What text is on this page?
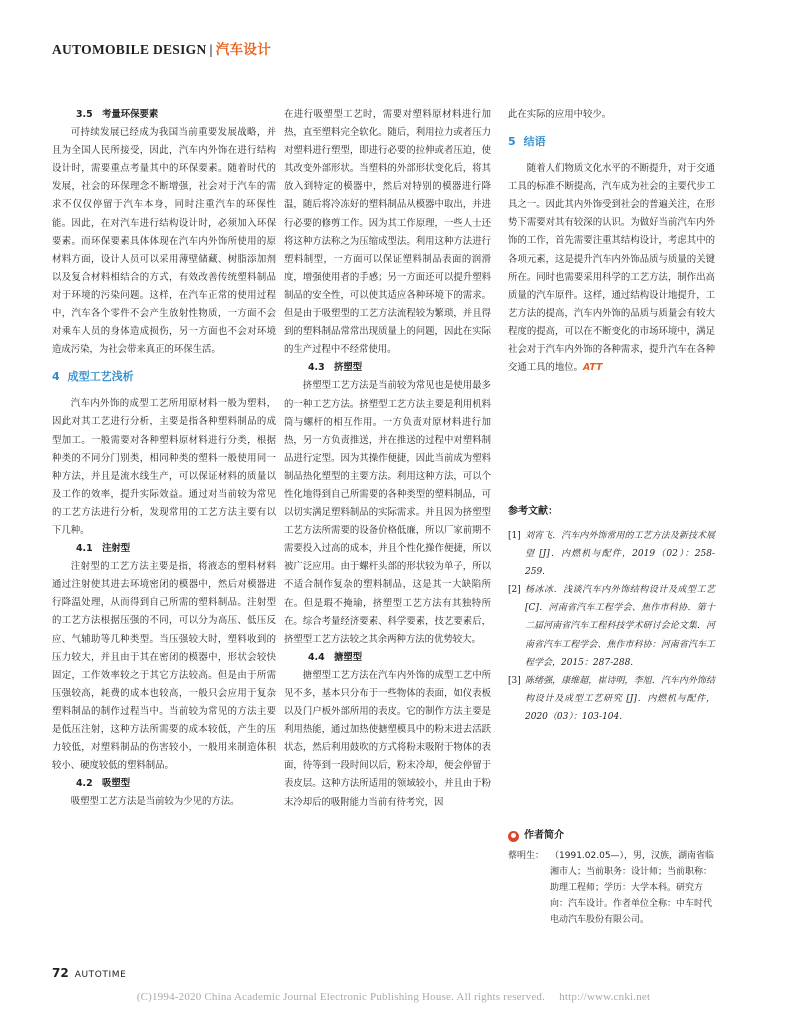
AUTOMOBILE DESIGN | 汽车设计
3.5　考量环保要素

可持续发展已经成为我国当前重要发展战略，并且为全国人民所接受，因此，汽车内外饰在进行结构设计时，需要重点考量其中的环保要素。随着时代的发展，社会的环保理念不断增强，社会对于汽车的需求不仅仅停留于汽车本身，同时注重汽车的环保性能。因此，在对汽车进行结构设计时，必须加入环保要素。而环保要素具体体现在汽车内外饰所使用的原材料方面，设计人员可以采用薄壁储藏、树脂添加剂以及复合材料相结合的方式，有效改善传统塑料制品对于环境的污染问题。这样，在汽车正常的使用过程中，汽车各个零件不会产生放射性物质，一方面不会对乘车人员的身体造成损伤，另一方面也不会对环境造成污染，为社会带来真正的环保生活。

4 成型工艺浅析

汽车内外饰的成型工艺所用原材料一般为塑料，因此对其工艺进行分析，主要是指各种塑料制品的成型加工。一般需要对各种塑料原材料进行分类，根据种类的不同分门别类，相同种类的塑料一般使用同一种方法，并且是流水线生产，可以保证材料的质量以及工作的效率，提升实际效益。通过对当前较为常见的工艺方法进行分析，发现常用的工艺方法主要有以下几种。

4.1　注射型

注射型的工艺方法主要是指，将液态的塑料材料通过注射使其进去环境密闭的模器中，然后对模器进行降温处理，从而得到自己所需的塑料制品。注射型的工艺方法根据压强的不同，可以分为高压、低压反应、气辅助等几种类型。当压强较大时，塑料收到的压力较大，并且由于其在密闭的模器中，形状会较快固定，工作效率较之于其它方法较高。但是由于所需压强较高，耗费的成本也较高，一般只会应用于复杂塑料制品的制作过程当中。当前较为常见的方法主要是低压注射，这种方法所需要的成本较低，产生的压力较低，对塑料制品的伤害较小，一般用来制造体积较小、硬度较低的塑料制品。

4.2　吸塑型

吸塑型工艺方法是当前较为少见的方法。

在进行吸塑型工艺时，需要对塑料原材料进行加热，直至塑料完全软化。随后，利用拉力或者压力对塑料进行塑型，即进行必要的拉伸或者压迫，使其改变外部形状。当塑料的外部形状变化后，将其放入到特定的模器中，然后对特别的模器进行降温，随后将冷冻好的塑料制品从模器中取出，并进行必要的修剪工作。因为其工作原理，一些人士还将这种方法称之为压缩成型法。利用这种方法进行塑料制型，一方面可以保证塑料制品表面的润滑度，增强使用者的手感；另一方面还可以提升塑料制品的安全性，可以使其适应各种环境下的需求。但是由于吸塑型的工艺方法流程较为繁琐，并且得到的塑料制品常常出现质量上的问题，因此在实际的生产过程中不经常使用。

4.3　挤塑型

挤塑型工艺方法是当前较为常见也是使用最多的一种工艺方法。挤塑型工艺方法主要是利用机料筒与螺杆的相互作用。一方负责对原材料进行加热，另一方负责推送，并在推送的过程中对塑料制品进行定型。因为其操作便捷，因此当前成为塑料制品热化塑型的主要方法。利用这种方法，可以个性化地得到自己所需要的各种类型的塑料制品，可以切实满足塑料制品的实际需求。并且因为挤塑型工艺方法所需要的设备价格低廉，所以厂家前期不需要投入过高的成本，并且个性化操作便捷，所以被广泛应用。由于螺杆头部的形状较为单子，所以不适合制作复杂的塑料制品，这是其一大缺陷所在。但是瑕不掩瑜，挤塑型工艺方法有其独特所在。综合考量经济要素、科学要素，技艺要素后，挤塑型工艺方法较之其余两种方法的优势较大。

4.4　搪塑型

搪塑型工艺方法在汽车内外饰的成型工艺中所见不多，基本只分布于一些物体的表面，如仪表板以及门户板外部所用的表皮。它的制作方法主要是利用热能，通过加热使搪塑模具中的粉末进去活跃状态，然后利用鼓吹的方式将粉末吸附于物体的表面，待等到一段时间以后，粉末冷却，便会停留于表皮层。这种方法所适用的领域较小，并且由于粉末冷却后的吸附能力当前有待考究，因

此在实际的应用中较少。

5 结语

随着人们物质文化水平的不断提升，对于交通工具的标准不断提高，汽车成为社会的主要代步工具之一。因此其内外饰受到社会的普遍关注，在形势下需要对其有较深的认识。为做好当前汽车内外饰的工作，首先需要注重其结构设计，考虑其中的各项元素，这是提升汽车内外饰品质与质量的关键所在。同时也需要采用科学的工艺方法，制作出高质量的汽车原件。这样，通过结构设计地提升，工艺方法的提高，汽车内外饰的品质与质量会有较大程度的提高，可以在不断变化的市场环境中，满足社会对于汽车内外饰的各种需求，提升汽车在各种交通工具的地位。ATT

参考文献：
[1] 刘宵飞．汽车内外饰常用的工艺方法及新技术展望 [J]．内燃机与配件，2019（02）：258-259.
[2] 杨冰冰．浅谈汽车内外饰结构设计及成型工艺 [C]．河南省汽车工程学会、焦作市科协．第十二届河南省汽车工程科技学术研讨会论文集．河南省汽车工程学会、焦作市科协：河南省汽车工程学会，2015：287-288.
[3] 陈绪强，康维超，崔诗明，李旭．汽车内外饰结构设计及成型工艺研究 [J]．内燃机与配件，2020（03）：103-104.
作者简介
蔡明生： （1991.02.05—），男，汉族，湖南省临湘市人；当前职务：设计师；当前职称：助理工程师；学历：大学本科。研究方向：汽车设计。作者单位全称：中车时代电动汽车股份有限公司。
72 AUTOTIME
(C)1994-2020 China Academic Journal Electronic Publishing House. All rights reserved.　 http://www.cnki.net
